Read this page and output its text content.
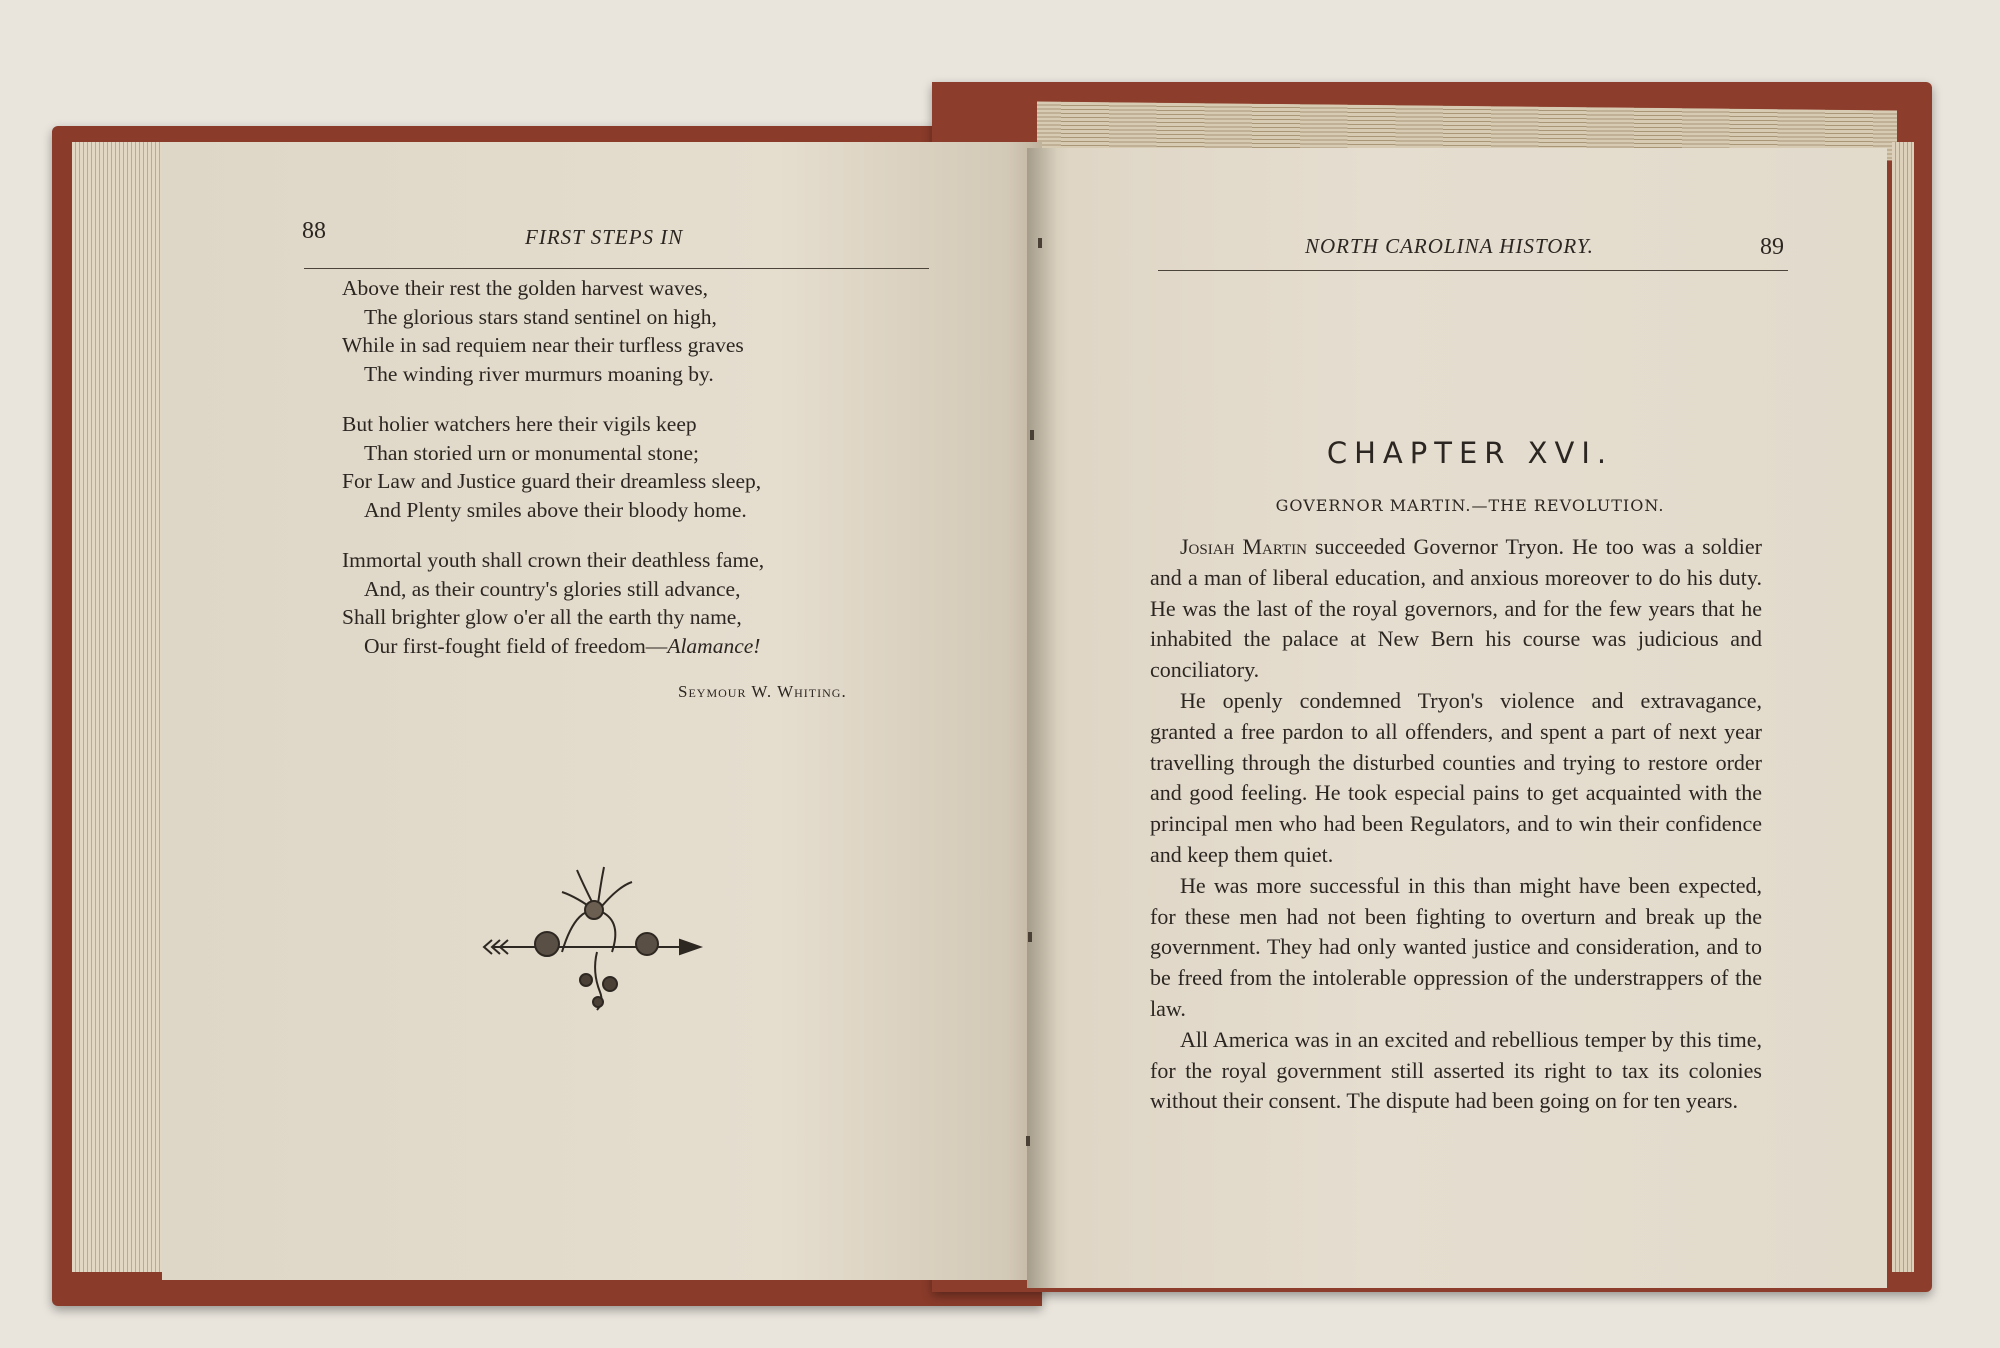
88	FIRST STEPS IN
Above their rest the golden harvest waves,
The glorious stars stand sentinel on high,
While in sad requiem near their turfless graves
The winding river murmurs moaning by.
But holier watchers here their vigils keep
Than storied urn or monumental stone;
For Law and Justice guard their dreamless sleep,
And Plenty smiles above their bloody home.
Immortal youth shall crown their deathless fame,
And, as their country's glories still advance,
Shall brighter glow o'er all the earth thy name,
Our first-fought field of freedom—Alamance!
Seymour W. Whiting.
NORTH CAROLINA HISTORY.	89
CHAPTER XVI.
GOVERNOR MARTIN.—THE REVOLUTION.

Josiah Martin succeeded Governor Tryon. He too was a soldier and a man of liberal education, and anxious moreover to do his duty. He was the last of the royal governors, and for the few years that he inhabited the palace at New Bern his course was judicious and conciliatory.

He openly condemned Tryon's violence and extravagance, granted a free pardon to all offenders, and spent a part of next year travelling through the disturbed counties and trying to restore order and good feeling. He took especial pains to get acquainted with the principal men who had been Regulators, and to win their confidence and keep them quiet.

He was more successful in this than might have been expected, for these men had not been fighting to overturn and break up the government. They had only wanted justice and consideration, and to be freed from the intolerable oppression of the understrappers of the law.

All America was in an excited and rebellious temper by this time, for the royal government still asserted its right to tax its colonies without their consent. The dispute had been going on for ten years.
